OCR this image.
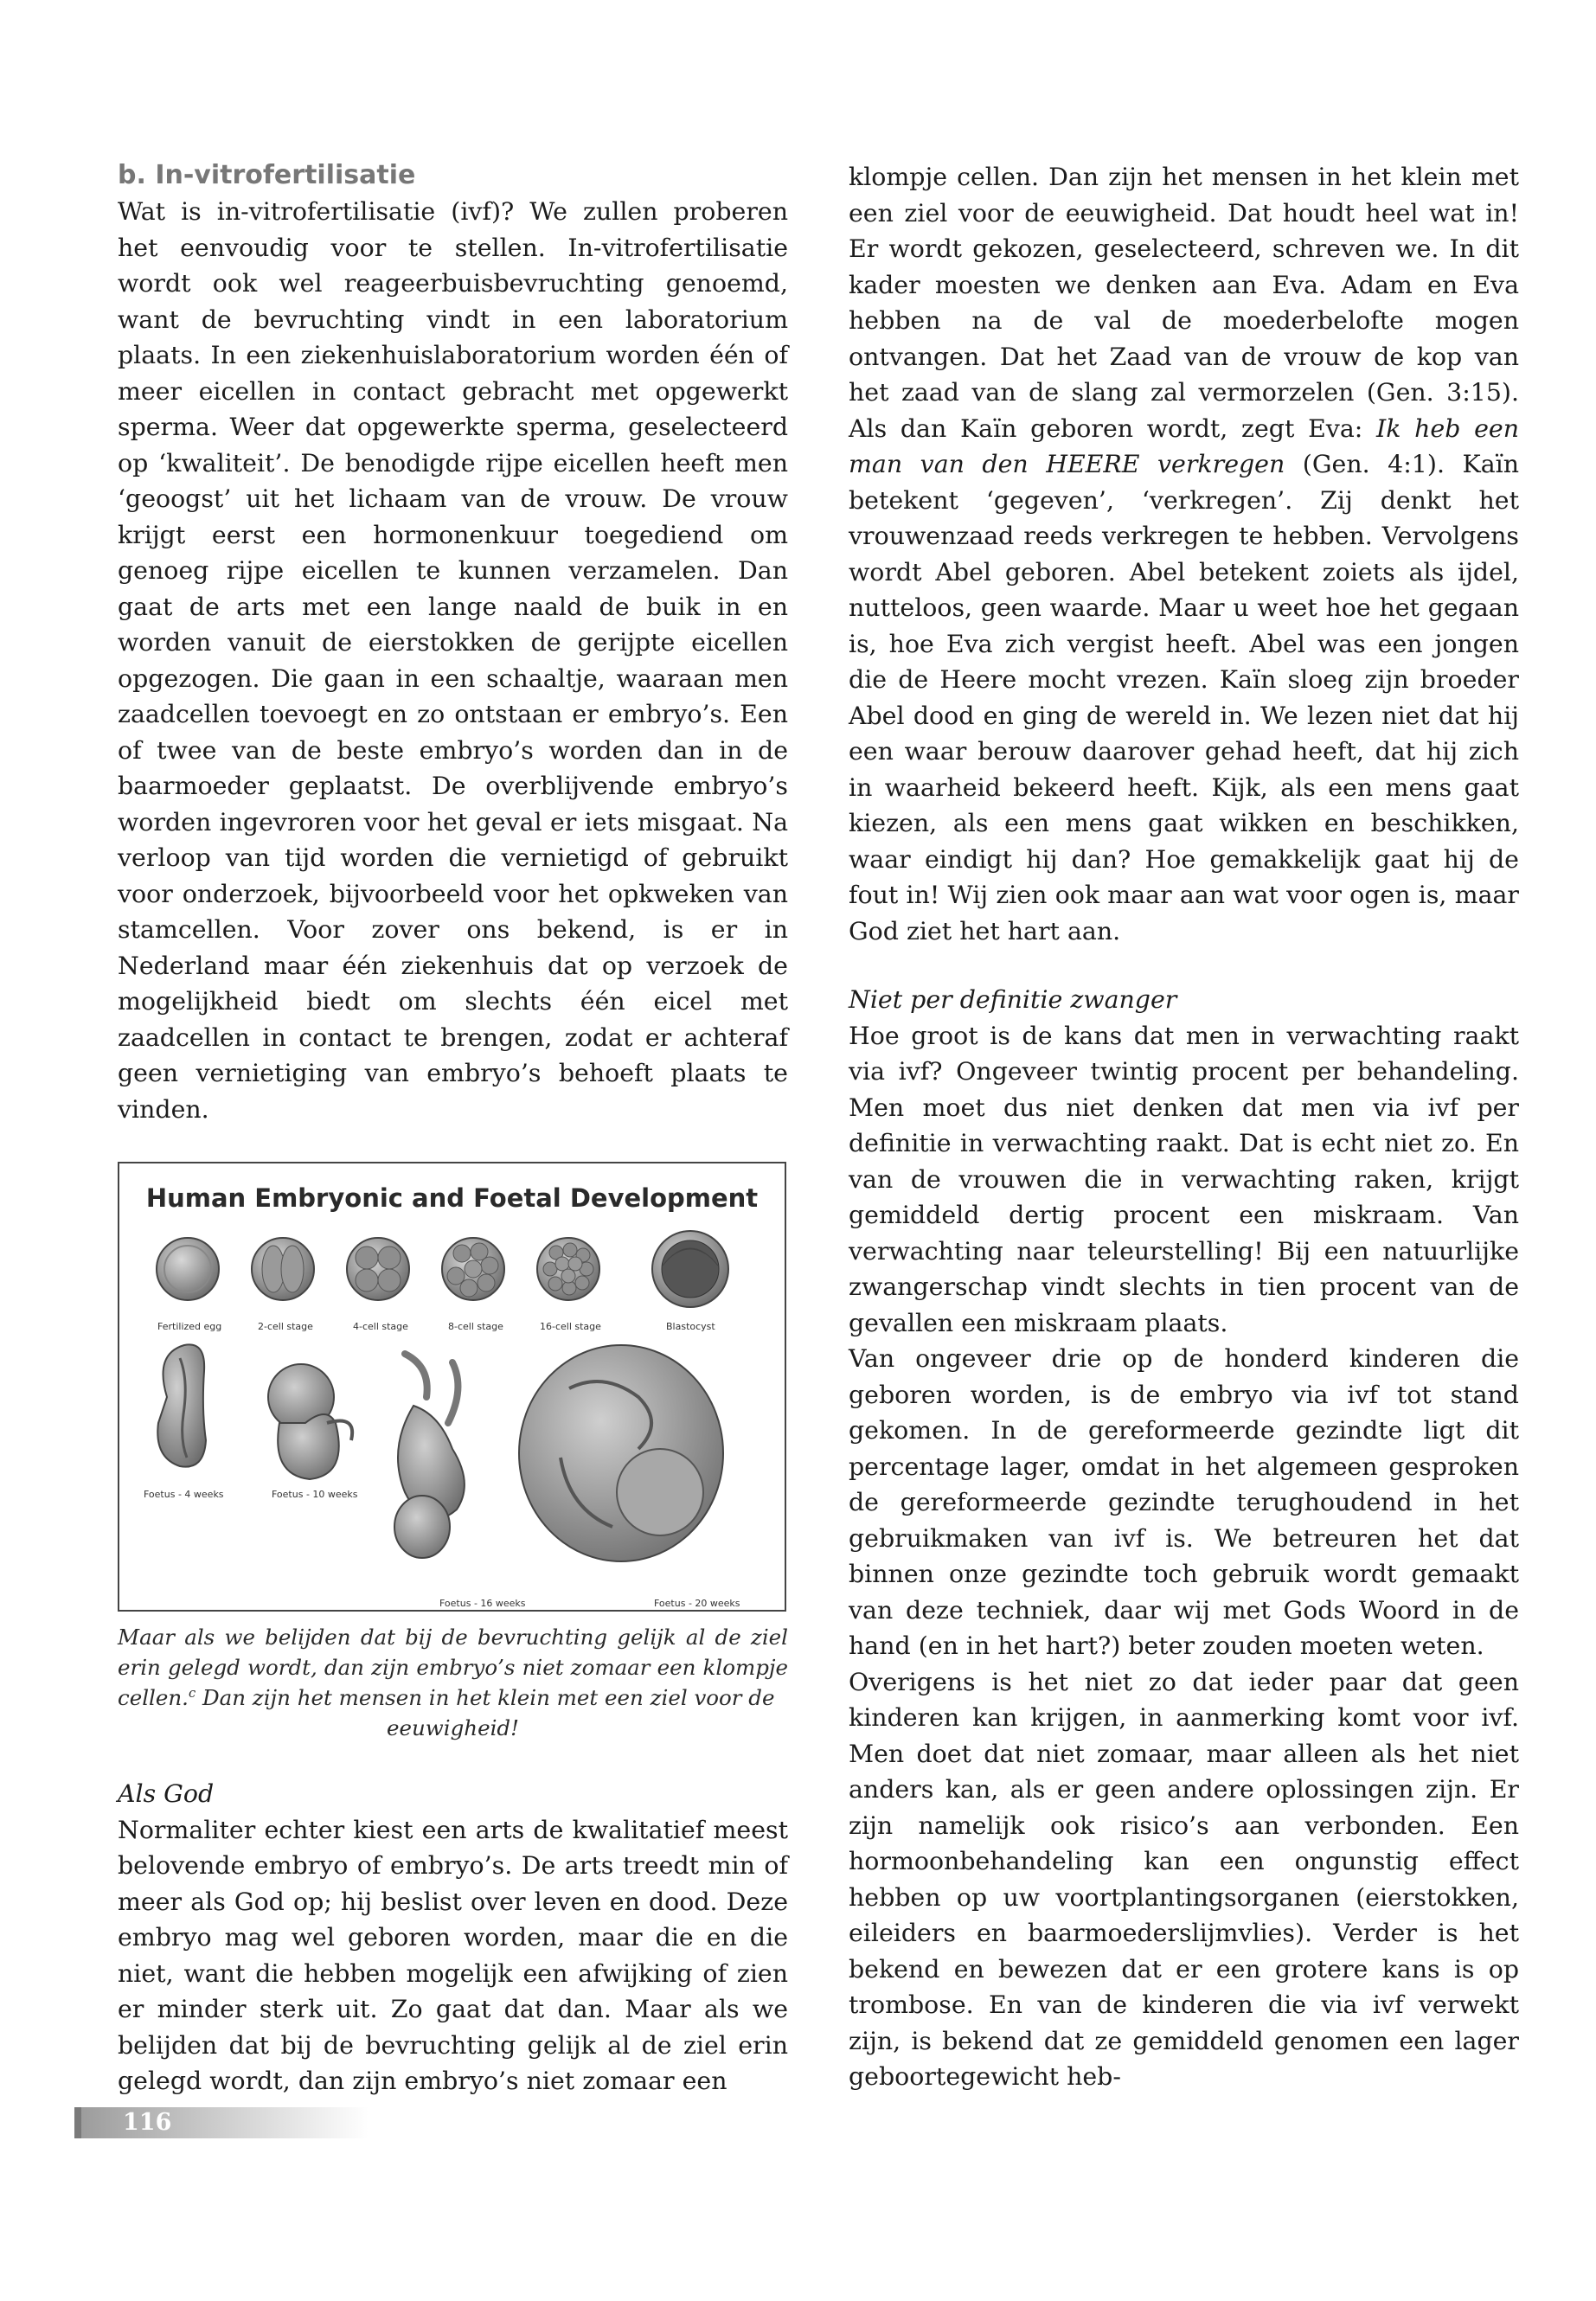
b. In-vitrofertilisatie

Wat is in-vitrofertilisatie (ivf)? We zullen proberen het eenvoudig voor te stellen. In-vitrofertilisatie wordt ook wel reageerbuisbevruchting genoemd, want de bevruchting vindt in een laboratorium plaats. In een ziekenhuislaboratorium worden één of meer eicellen in contact gebracht met opgewerkt sperma. Weer dat opgewerkte sperma, geselecteerd op ‘kwaliteit’. De benodigde rijpe eicellen heeft men ‘geoogst’ uit het lichaam van de vrouw. De vrouw krijgt eerst een hormonenkuur toegediend om genoeg rijpe eicellen te kunnen verzamelen. Dan gaat de arts met een lange naald de buik in en worden vanuit de eierstokken de gerijpte eicellen opgezogen. Die gaan in een schaaltje, waaraan men zaadcellen toevoegt en zo ontstaan er embryo’s. Een of twee van de beste embryo’s worden dan in de baarmoeder geplaatst. De overblijvende embryo’s worden ingevroren voor het geval er iets misgaat. Na verloop van tijd worden die vernietigd of gebruikt voor onderzoek, bijvoorbeeld voor het opkweken van stamcellen. Voor zover ons bekend, is er in Nederland maar één ziekenhuis dat op verzoek de mogelijkheid biedt om slechts één eicel met zaadcellen in contact te brengen, zodat er achteraf geen vernietiging van embryo’s behoeft plaats te vinden.

Human Embryonic and Foetal Development
Fertilized egg	2-cell stage	4-cell stage	8-cell stage	16-cell stage	Blastocyst
Foetus - 4 weeks	Foetus - 10 weeks
Foetus - 16 weeks	Foetus - 20 weeks
Maar als we belijden dat bij de bevruchting gelijk al de ziel erin gelegd wordt, dan zijn embryo’s niet zomaar een klompje cellen.$^c$ Dan zijn het mensen in het klein met een ziel voor de
eeuwigheid!

Als God

Normaliter echter kiest een arts de kwalitatief meest belovende embryo of embryo’s. De arts treedt min of meer als God op; hij beslist over leven en dood. Deze embryo mag wel geboren worden, maar die en die niet, want die hebben mogelijk een afwijking of zien er minder sterk uit. Zo gaat dat dan. Maar als we belijden dat bij de bevruchting gelijk al de ziel erin gelegd wordt, dan zijn embryo’s niet zomaar een

klompje cellen. Dan zijn het mensen in het klein met een ziel voor de eeuwigheid. Dat houdt heel wat in! Er wordt gekozen, geselecteerd, schreven we. In dit kader moesten we denken aan Eva. Adam en Eva hebben na de val de moederbelofte mogen ontvangen. Dat het Zaad van de vrouw de kop van het zaad van de slang zal vermorzelen (Gen. 3:15). Als dan Kaïn geboren wordt, zegt Eva: Ik heb een man van den HEERE verkregen (Gen. 4:1). Kaïn betekent ‘gegeven’, ‘verkregen’. Zij denkt het vrouwenzaad reeds verkregen te hebben. Vervolgens wordt Abel geboren. Abel betekent zoiets als ijdel, nutteloos, geen waarde. Maar u weet hoe het gegaan is, hoe Eva zich vergist heeft. Abel was een jongen die de Heere mocht vrezen. Kaïn sloeg zijn broeder Abel dood en ging de wereld in. We lezen niet dat hij een waar berouw daarover gehad heeft, dat hij zich in waarheid bekeerd heeft. Kijk, als een mens gaat kiezen, als een mens gaat wikken en beschikken, waar eindigt hij dan? Hoe gemakkelijk gaat hij de fout in! Wij zien ook maar aan wat voor ogen is, maar God ziet het hart aan.

Niet per definitie zwanger

Hoe groot is de kans dat men in verwachting raakt via ivf? Ongeveer twintig procent per behandeling. Men moet dus niet denken dat men via ivf per definitie in verwachting raakt. Dat is echt niet zo. En van de vrouwen die in verwachting raken, krijgt gemiddeld dertig procent een miskraam. Van verwachting naar teleurstelling! Bij een natuurlijke zwangerschap vindt slechts in tien procent van de gevallen een miskraam plaats.

Van ongeveer drie op de honderd kinderen die geboren worden, is de embryo via ivf tot stand gekomen. In de gereformeerde gezindte ligt dit percentage lager, omdat in het algemeen gesproken de gereformeerde gezindte terughoudend in het gebruikmaken van ivf is. We betreuren het dat binnen onze gezindte toch gebruik wordt gemaakt van deze techniek, daar wij met Gods Woord in de hand (en in het hart?) beter zouden moeten weten.

Overigens is het niet zo dat ieder paar dat geen kinderen kan krijgen, in aanmerking komt voor ivf. Men doet dat niet zomaar, maar alleen als het niet anders kan, als er geen andere oplossingen zijn. Er zijn namelijk ook risico’s aan verbonden. Een hormoonbehandeling kan een ongunstig effect hebben op uw voortplantingsorganen (eierstokken, eileiders en baarmoederslijmvlies). Verder is het bekend en bewezen dat er een grotere kans is op trombose. En van de kinderen die via ivf verwekt zijn, is bekend dat ze gemiddeld genomen een lager geboortegewicht heb-

116
